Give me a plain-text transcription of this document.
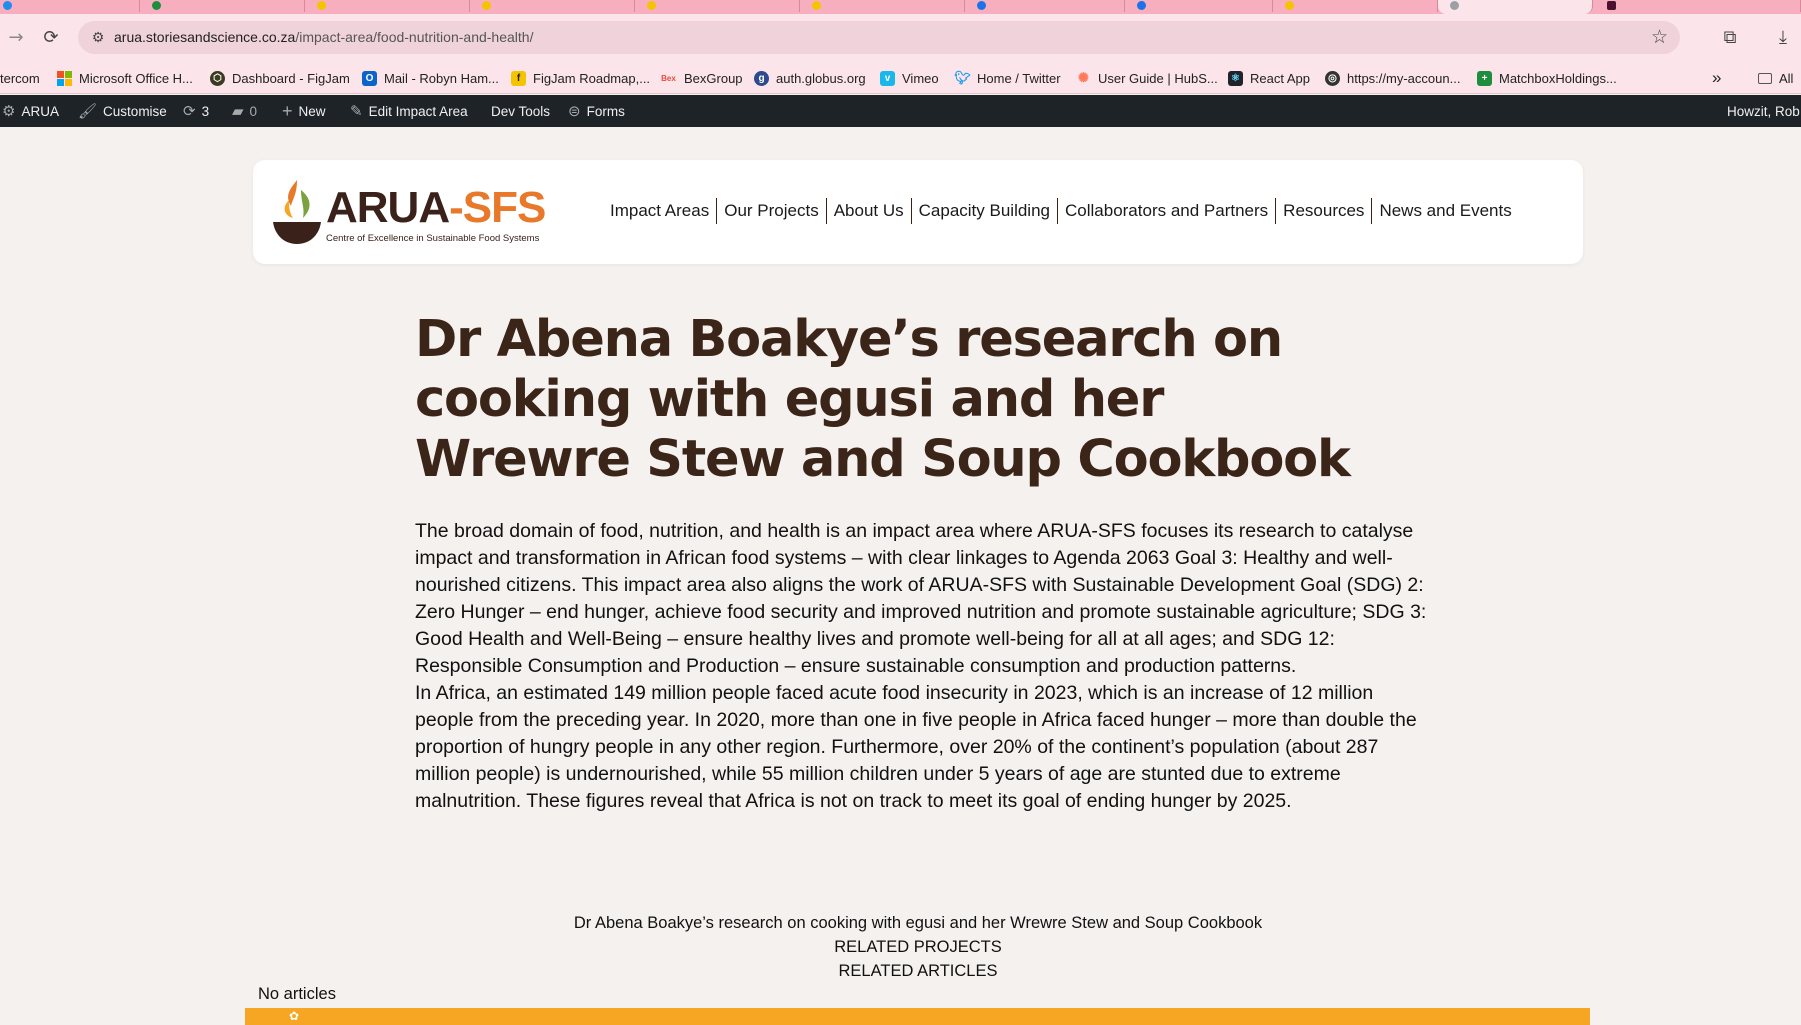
→	⟳	⚙ arua.storiesandscience.co.za/impact-area/food-nutrition-and-health/	☆	⧉	⤓
tercom	Microsoft Office H...	⬡ Dashboard - FigJam	O Mail - Robyn Ham...	f FigJam Roadmap,... Bex BexGroup	g auth.globus.org	v Vimeo 🐦︎ Home / Twitter ✺ User Guide | HubS...	⚛ React App	◎ https://my-accoun...	+ MatchboxHoldings...	»	All
⚙ ARUA 🖌︎ Customise ⟳ 3 ▰ 0 + New ✎ Edit Impact Area Dev Tools ⊜ Forms	Howzit, Rob
ARUA-SFS
Centre of Excellence in Sustainable Food Systems
Impact Areas Our Projects About Us Capacity Building Collaborators and Partners Resources News and Events
Dr Abena Boakye’s research on cooking with egusi and her Wrewre Stew and Soup Cookbook

The broad domain of food, nutrition, and health is an impact area where ARUA-SFS focuses its research to catalyse impact and transformation in African food systems – with clear linkages to Agenda 2063 Goal 3: Healthy and well-nourished citizens. This impact area also aligns the work of ARUA-SFS with Sustainable Development Goal (SDG) 2: Zero Hunger – end hunger, achieve food security and improved nutrition and promote sustainable agriculture; SDG 3: Good Health and Well-Being – ensure healthy lives and promote well-being for all at all ages; and SDG 12: Responsible Consumption and Production – ensure sustainable consumption and production patterns.

In Africa, an estimated 149 million people faced acute food insecurity in 2023, which is an increase of 12 million people from the preceding year. In 2020, more than one in five people in Africa faced hunger – more than double the proportion of hungry people in any other region. Furthermore, over 20% of the continent’s population (about 287 million people) is undernourished, while 55 million children under 5 years of age are stunted due to extreme malnutrition. These figures reveal that Africa is not on track to meet its goal of ending hunger by 2025.

Dr Abena Boakye’s research on cooking with egusi and her Wrewre Stew and Soup Cookbook
RELATED PROJECTS
RELATED ARTICLES
No articles
✿
